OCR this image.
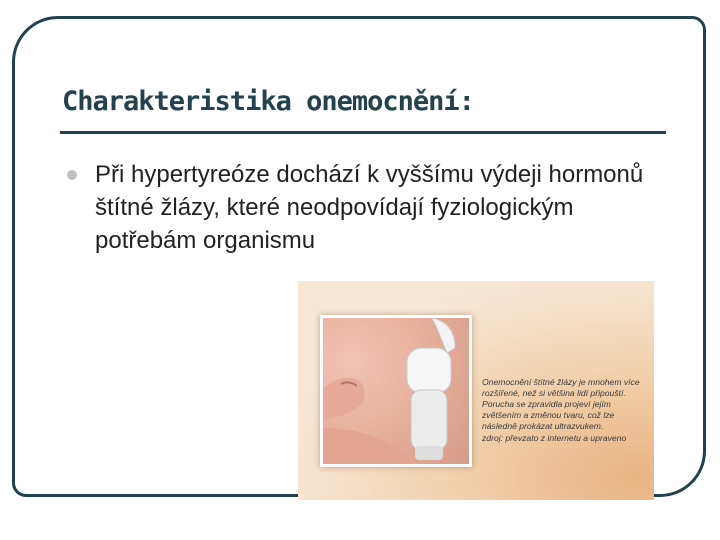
Charakteristika onemocnění:
Při hypertyreóze dochází k vyššímu výdeji hormonů štítné žlázy, které neodpovídají fyziologickým potřebám organismu
Onemocnění štítné žlázy je mnohem více rozšířené, než si většina lidí připouští. Porucha se zpravidla projeví jejím zvětšením a změnou tvaru, což lze následně prokázat ultrazvukem.
zdroj: převzato z internetu a upraveno
